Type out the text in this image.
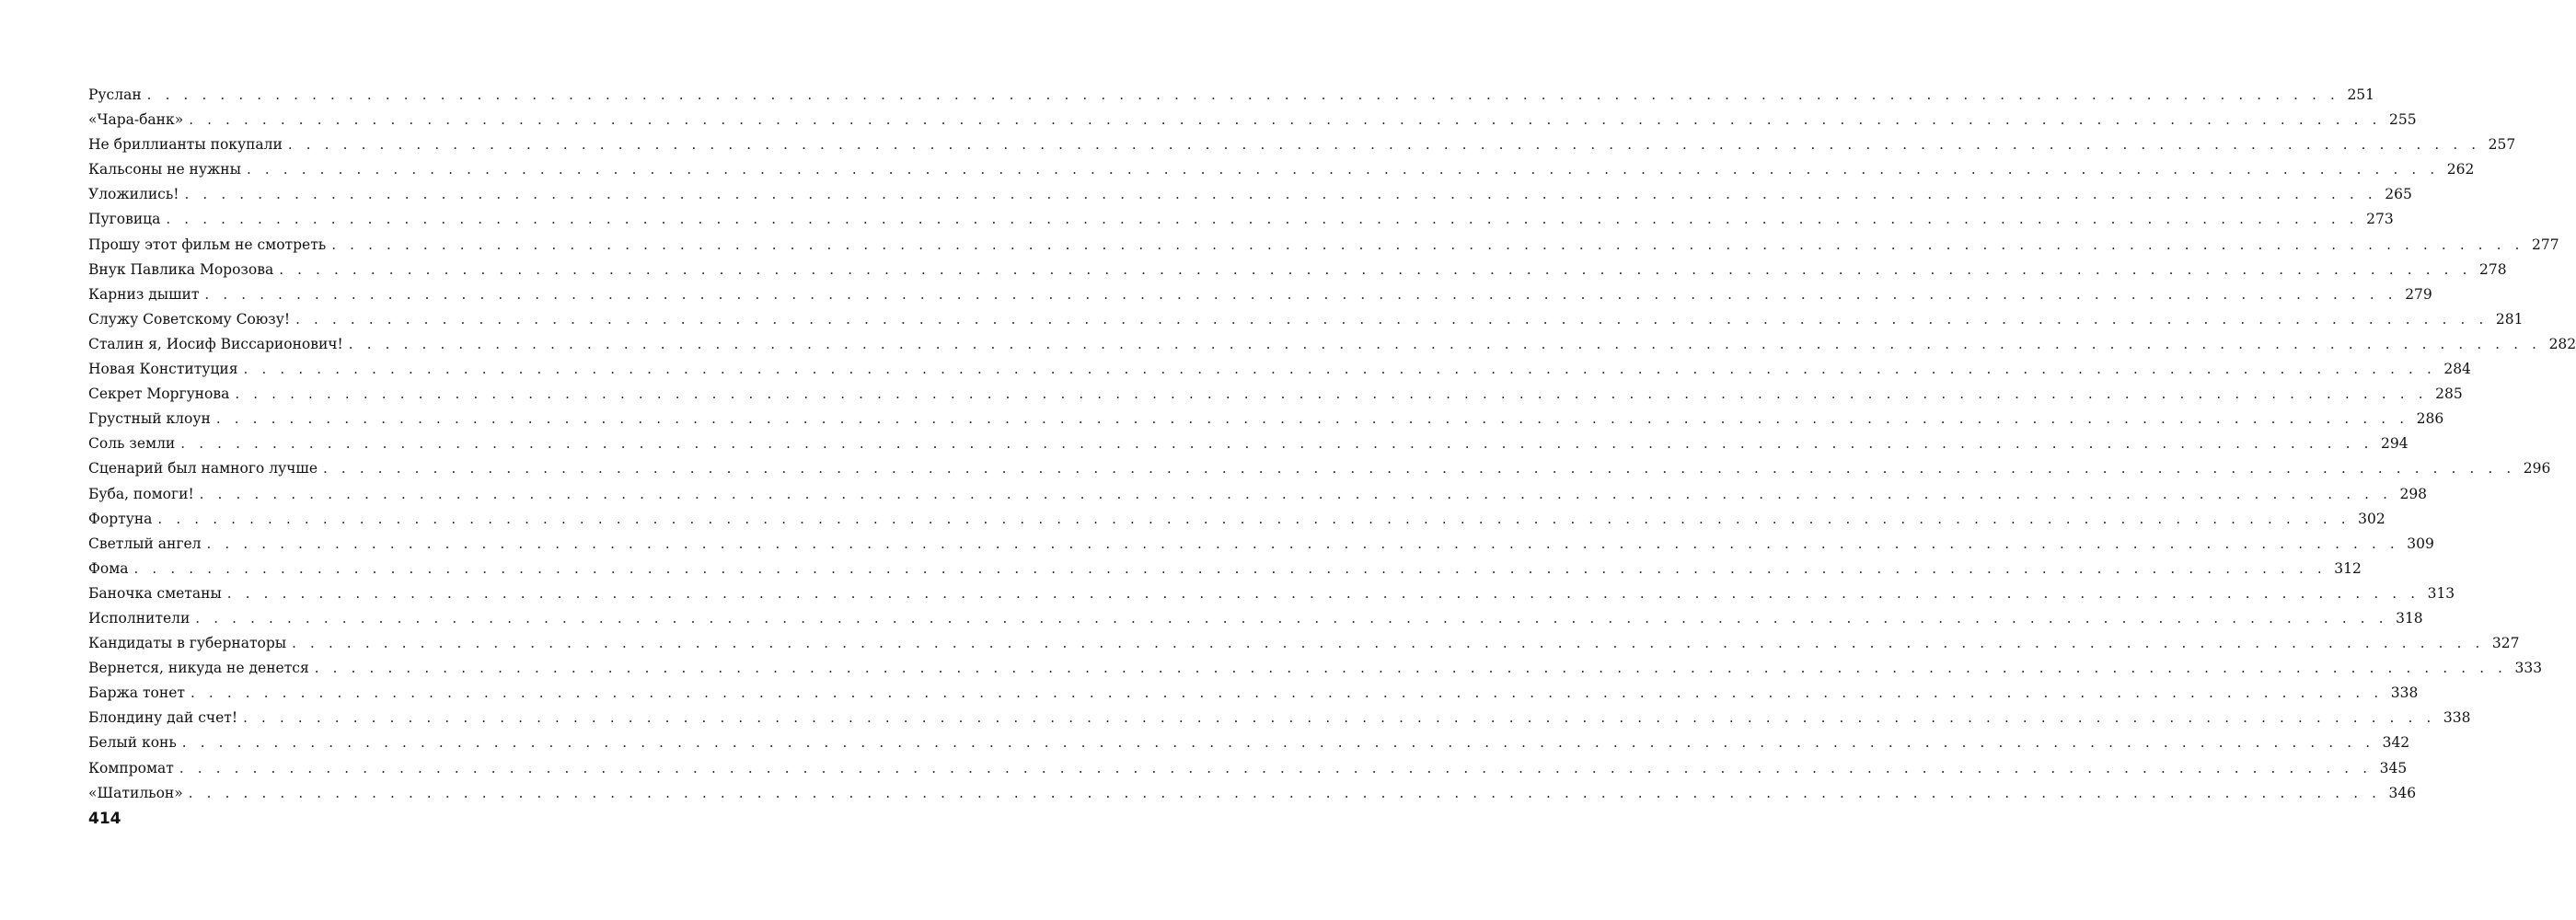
Руслан . . . . . . . . . . . . . . . . . . . . . . . . . . . . . . . . . . . . . . . . . . . . . . . . . . . . . . . . . . . . . . . . . . . . . . . . . . . . . . . . . . . . . . . . . . . . . . . . . . . . . . . . . . . . . . . . . . . . . . . . 251
«Чара-банк» . . . . . . . . . . . . . . . . . . . . . . . . . . . . . . . . . . . . . . . . . . . . . . . . . . . . . . . . . . . . . . . . . . . . . . . . . . . . . . . . . . . . . . . . . . . . . . . . . . . . . . . . . . . . . . . . . . . . . . . . 255
Не бриллианты покупали . . . . . . . . . . . . . . . . . . . . . . . . . . . . . . . . . . . . . . . . . . . . . . . . . . . . . . . . . . . . . . . . . . . . . . . . . . . . . . . . . . . . . . . . . . . . . . . . . . . . . . . . . . . . . . . . . . . . . . . . 257
Кальсоны не нужны . . . . . . . . . . . . . . . . . . . . . . . . . . . . . . . . . . . . . . . . . . . . . . . . . . . . . . . . . . . . . . . . . . . . . . . . . . . . . . . . . . . . . . . . . . . . . . . . . . . . . . . . . . . . . . . . . . . . . . . . 262
Уложились! . . . . . . . . . . . . . . . . . . . . . . . . . . . . . . . . . . . . . . . . . . . . . . . . . . . . . . . . . . . . . . . . . . . . . . . . . . . . . . . . . . . . . . . . . . . . . . . . . . . . . . . . . . . . . . . . . . . . . . . . 265
Пуговица . . . . . . . . . . . . . . . . . . . . . . . . . . . . . . . . . . . . . . . . . . . . . . . . . . . . . . . . . . . . . . . . . . . . . . . . . . . . . . . . . . . . . . . . . . . . . . . . . . . . . . . . . . . . . . . . . . . . . . . . 273
Прошу этот фильм не смотреть . . . . . . . . . . . . . . . . . . . . . . . . . . . . . . . . . . . . . . . . . . . . . . . . . . . . . . . . . . . . . . . . . . . . . . . . . . . . . . . . . . . . . . . . . . . . . . . . . . . . . . . . . . . . . . . . . . . . . . . . 277
Внук Павлика Морозова . . . . . . . . . . . . . . . . . . . . . . . . . . . . . . . . . . . . . . . . . . . . . . . . . . . . . . . . . . . . . . . . . . . . . . . . . . . . . . . . . . . . . . . . . . . . . . . . . . . . . . . . . . . . . . . . . . . . . . . . 278
Карниз дышит . . . . . . . . . . . . . . . . . . . . . . . . . . . . . . . . . . . . . . . . . . . . . . . . . . . . . . . . . . . . . . . . . . . . . . . . . . . . . . . . . . . . . . . . . . . . . . . . . . . . . . . . . . . . . . . . . . . . . . . . 279
Служу Советскому Союзу! . . . . . . . . . . . . . . . . . . . . . . . . . . . . . . . . . . . . . . . . . . . . . . . . . . . . . . . . . . . . . . . . . . . . . . . . . . . . . . . . . . . . . . . . . . . . . . . . . . . . . . . . . . . . . . . . . . . . . . . . 281
Сталин я, Иосиф Виссарионович! . . . . . . . . . . . . . . . . . . . . . . . . . . . . . . . . . . . . . . . . . . . . . . . . . . . . . . . . . . . . . . . . . . . . . . . . . . . . . . . . . . . . . . . . . . . . . . . . . . . . . . . . . . . . . . . . . . . . . . . . 282
Новая Конституция . . . . . . . . . . . . . . . . . . . . . . . . . . . . . . . . . . . . . . . . . . . . . . . . . . . . . . . . . . . . . . . . . . . . . . . . . . . . . . . . . . . . . . . . . . . . . . . . . . . . . . . . . . . . . . . . . . . . . . . . 284
Секрет Моргунова . . . . . . . . . . . . . . . . . . . . . . . . . . . . . . . . . . . . . . . . . . . . . . . . . . . . . . . . . . . . . . . . . . . . . . . . . . . . . . . . . . . . . . . . . . . . . . . . . . . . . . . . . . . . . . . . . . . . . . . . 285
Грустный клоун . . . . . . . . . . . . . . . . . . . . . . . . . . . . . . . . . . . . . . . . . . . . . . . . . . . . . . . . . . . . . . . . . . . . . . . . . . . . . . . . . . . . . . . . . . . . . . . . . . . . . . . . . . . . . . . . . . . . . . . . 286
Соль земли . . . . . . . . . . . . . . . . . . . . . . . . . . . . . . . . . . . . . . . . . . . . . . . . . . . . . . . . . . . . . . . . . . . . . . . . . . . . . . . . . . . . . . . . . . . . . . . . . . . . . . . . . . . . . . . . . . . . . . . . 294
Сценарий был намного лучше . . . . . . . . . . . . . . . . . . . . . . . . . . . . . . . . . . . . . . . . . . . . . . . . . . . . . . . . . . . . . . . . . . . . . . . . . . . . . . . . . . . . . . . . . . . . . . . . . . . . . . . . . . . . . . . . . . . . . . . . 296
Буба, помоги! . . . . . . . . . . . . . . . . . . . . . . . . . . . . . . . . . . . . . . . . . . . . . . . . . . . . . . . . . . . . . . . . . . . . . . . . . . . . . . . . . . . . . . . . . . . . . . . . . . . . . . . . . . . . . . . . . . . . . . . . 298
Фортуна . . . . . . . . . . . . . . . . . . . . . . . . . . . . . . . . . . . . . . . . . . . . . . . . . . . . . . . . . . . . . . . . . . . . . . . . . . . . . . . . . . . . . . . . . . . . . . . . . . . . . . . . . . . . . . . . . . . . . . . . 302
Светлый ангел . . . . . . . . . . . . . . . . . . . . . . . . . . . . . . . . . . . . . . . . . . . . . . . . . . . . . . . . . . . . . . . . . . . . . . . . . . . . . . . . . . . . . . . . . . . . . . . . . . . . . . . . . . . . . . . . . . . . . . . . 309
Фома . . . . . . . . . . . . . . . . . . . . . . . . . . . . . . . . . . . . . . . . . . . . . . . . . . . . . . . . . . . . . . . . . . . . . . . . . . . . . . . . . . . . . . . . . . . . . . . . . . . . . . . . . . . . . . . . . . . . . . . . 312
Баночка сметаны . . . . . . . . . . . . . . . . . . . . . . . . . . . . . . . . . . . . . . . . . . . . . . . . . . . . . . . . . . . . . . . . . . . . . . . . . . . . . . . . . . . . . . . . . . . . . . . . . . . . . . . . . . . . . . . . . . . . . . . . 313
Исполнители . . . . . . . . . . . . . . . . . . . . . . . . . . . . . . . . . . . . . . . . . . . . . . . . . . . . . . . . . . . . . . . . . . . . . . . . . . . . . . . . . . . . . . . . . . . . . . . . . . . . . . . . . . . . . . . . . . . . . . . . 318
Кандидаты в губернаторы . . . . . . . . . . . . . . . . . . . . . . . . . . . . . . . . . . . . . . . . . . . . . . . . . . . . . . . . . . . . . . . . . . . . . . . . . . . . . . . . . . . . . . . . . . . . . . . . . . . . . . . . . . . . . . . . . . . . . . . . 327
Вернется, никуда не денется . . . . . . . . . . . . . . . . . . . . . . . . . . . . . . . . . . . . . . . . . . . . . . . . . . . . . . . . . . . . . . . . . . . . . . . . . . . . . . . . . . . . . . . . . . . . . . . . . . . . . . . . . . . . . . . . . . . . . . . . 333
Баржа тонет . . . . . . . . . . . . . . . . . . . . . . . . . . . . . . . . . . . . . . . . . . . . . . . . . . . . . . . . . . . . . . . . . . . . . . . . . . . . . . . . . . . . . . . . . . . . . . . . . . . . . . . . . . . . . . . . . . . . . . . . 338
Блондину дай счет! . . . . . . . . . . . . . . . . . . . . . . . . . . . . . . . . . . . . . . . . . . . . . . . . . . . . . . . . . . . . . . . . . . . . . . . . . . . . . . . . . . . . . . . . . . . . . . . . . . . . . . . . . . . . . . . . . . . . . . . . 338
Белый конь . . . . . . . . . . . . . . . . . . . . . . . . . . . . . . . . . . . . . . . . . . . . . . . . . . . . . . . . . . . . . . . . . . . . . . . . . . . . . . . . . . . . . . . . . . . . . . . . . . . . . . . . . . . . . . . . . . . . . . . . 342
Компромат . . . . . . . . . . . . . . . . . . . . . . . . . . . . . . . . . . . . . . . . . . . . . . . . . . . . . . . . . . . . . . . . . . . . . . . . . . . . . . . . . . . . . . . . . . . . . . . . . . . . . . . . . . . . . . . . . . . . . . . . 345
«Шатильон» . . . . . . . . . . . . . . . . . . . . . . . . . . . . . . . . . . . . . . . . . . . . . . . . . . . . . . . . . . . . . . . . . . . . . . . . . . . . . . . . . . . . . . . . . . . . . . . . . . . . . . . . . . . . . . . . . . . . . . . . 346
414
